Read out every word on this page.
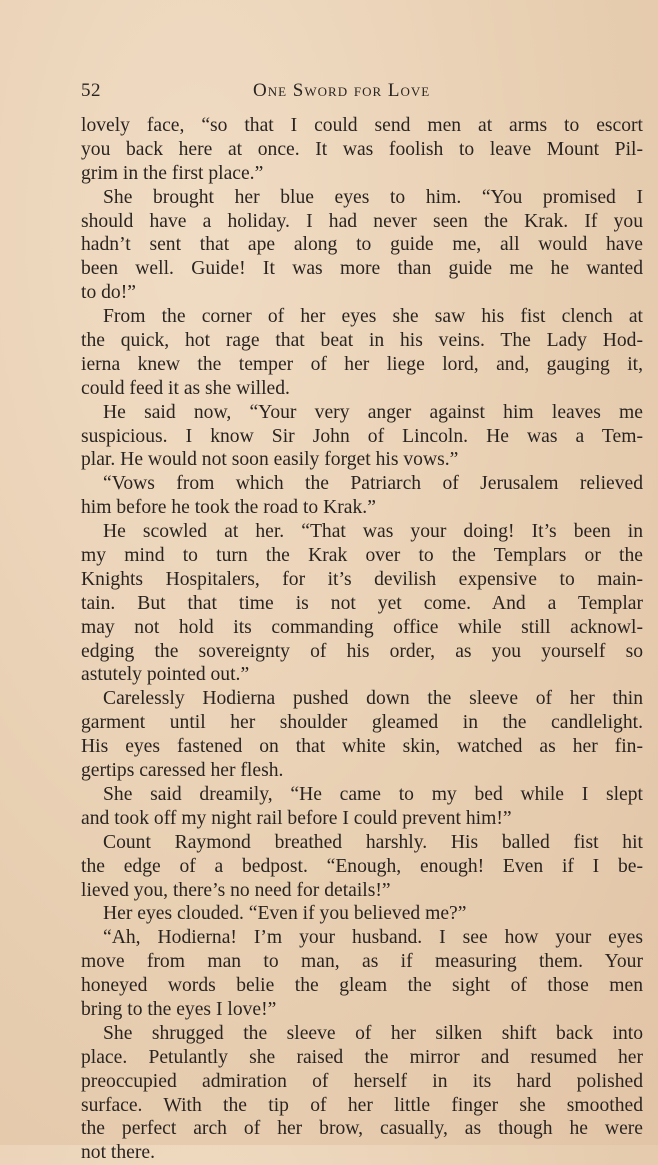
52	One Sword for Love
lovely face, “so that I could send men at arms to escort
you back here at once. It was foolish to leave Mount Pil-
grim in the first place.”
She brought her blue eyes to him. “You promised I
should have a holiday. I had never seen the Krak. If you
hadn’t sent that ape along to guide me, all would have
been well. Guide! It was more than guide me he wanted
to do!”
From the corner of her eyes she saw his fist clench at
the quick, hot rage that beat in his veins. The Lady Hod-
ierna knew the temper of her liege lord, and, gauging it,
could feed it as she willed.
He said now, “Your very anger against him leaves me
suspicious. I know Sir John of Lincoln. He was a Tem-
plar. He would not soon easily forget his vows.”
“Vows from which the Patriarch of Jerusalem relieved
him before he took the road to Krak.”
He scowled at her. “That was your doing! It’s been in
my mind to turn the Krak over to the Templars or the
Knights Hospitalers, for it’s devilish expensive to main-
tain. But that time is not yet come. And a Templar
may not hold its commanding office while still acknowl-
edging the sovereignty of his order, as you yourself so
astutely pointed out.”
Carelessly Hodierna pushed down the sleeve of her thin
garment until her shoulder gleamed in the candlelight.
His eyes fastened on that white skin, watched as her fin-
gertips caressed her flesh.
She said dreamily, “He came to my bed while I slept
and took off my night rail before I could prevent him!”
Count Raymond breathed harshly. His balled fist hit
the edge of a bedpost. “Enough, enough! Even if I be-
lieved you, there’s no need for details!”
Her eyes clouded. “Even if you believed me?”
“Ah, Hodierna! I’m your husband. I see how your eyes
move from man to man, as if measuring them. Your
honeyed words belie the gleam the sight of those men
bring to the eyes I love!”
She shrugged the sleeve of her silken shift back into
place. Petulantly she raised the mirror and resumed her
preoccupied admiration of herself in its hard polished
surface. With the tip of her little finger she smoothed
the perfect arch of her brow, casually, as though he were
not there.
